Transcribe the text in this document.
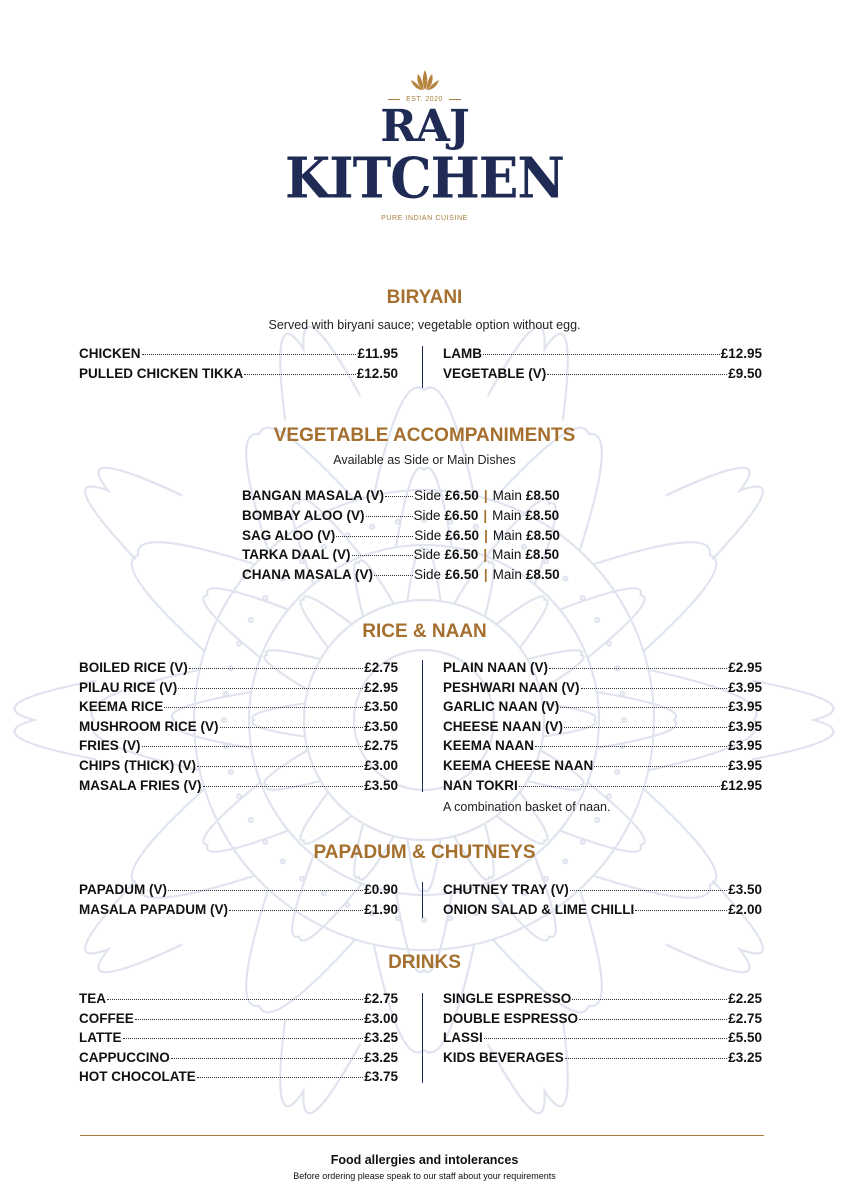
EST. 2020
RAJ
KITCHEN
PURE INDIAN CUISINE
BIRYANI
Served with biryani sauce; vegetable option without egg.
CHICKEN	£11.95
PULLED CHICKEN TIKKA	£12.50
LAMB	£12.95
VEGETABLE (V)	£9.50
VEGETABLE ACCOMPANIMENTS
Available as Side or Main Dishes
BANGAN MASALA (V) Side £6.50 | Main £8.50
BOMBAY ALOO (V)	Side £6.50 | Main £8.50
SAG ALOO (V)	Side £6.50 | Main £8.50
TARKA DAAL (V)	Side £6.50 | Main £8.50
CHANA MASALA (V)	Side £6.50 | Main £8.50
RICE & NAAN
BOILED RICE (V)	£2.75
PILAU RICE (V)	£2.95
KEEMA RICE	£3.50
MUSHROOM RICE (V)	£3.50
FRIES (V)	£2.75
CHIPS (THICK) (V)	£3.00
MASALA FRIES (V)	£3.50
PLAIN NAAN (V)	£2.95
PESHWARI NAAN (V)	£3.95
GARLIC NAAN (V)	£3.95
CHEESE NAAN (V)	£3.95
KEEMA NAAN	£3.95
KEEMA CHEESE NAAN	£3.95
NAN TOKRI	£12.95
A combination basket of naan.
PAPADUM & CHUTNEYS
PAPADUM (V)	£0.90
MASALA PAPADUM (V)	£1.90
CHUTNEY TRAY (V)	£3.50
ONION SALAD & LIME CHILLI	£2.00
DRINKS
TEA	£2.75
COFFEE	£3.00
LATTE	£3.25
CAPPUCCINO	£3.25
HOT CHOCOLATE	£3.75
SINGLE ESPRESSO	£2.25
DOUBLE ESPRESSO	£2.75
LASSI	£5.50
KIDS BEVERAGES	£3.25
Food allergies and intolerances
Before ordering please speak to our staff about your requirements
